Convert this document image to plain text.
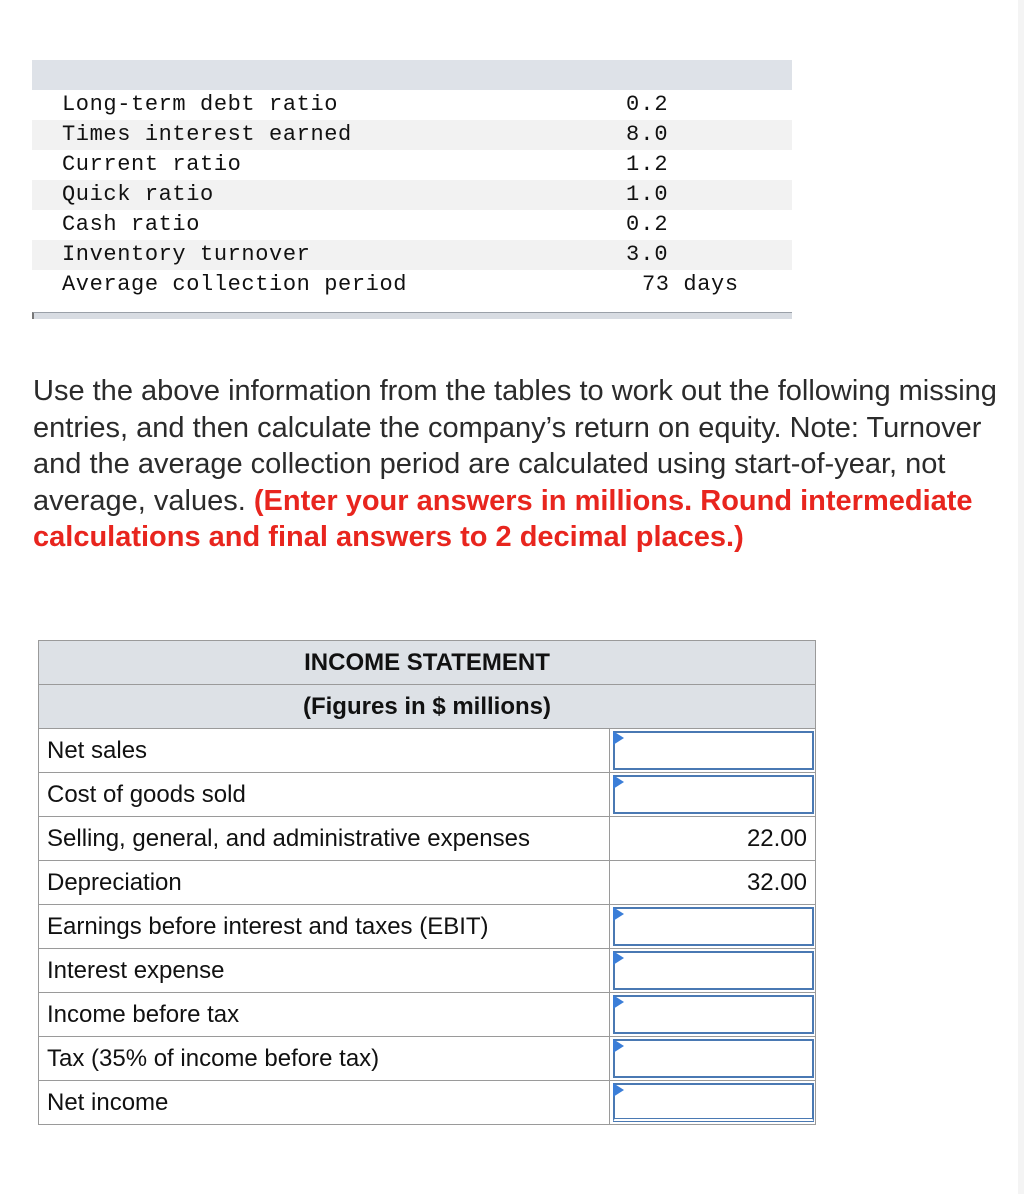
Long-term debt ratio	0.2
Times interest earned	8.0
Current ratio	1.2
Quick ratio	1.0
Cash ratio	0.2
Inventory turnover	3.0
Average collection period	73 days
Use the above information from the tables to work out the following missing entries, and then calculate the company’s return on equity. Note: Turnover and the average collection period are calculated using start-of-year, not average, values. (Enter your answers in millions. Round intermediate calculations and final answers to 2 decimal places.)
INCOME STATEMENT	
(Figures in $ millions)	
Net sales	

Cost of goods sold	

Selling, general, and administrative expenses	22.00
Depreciation	32.00
Earnings before interest and taxes (EBIT)	

Interest expense	

Income before tax	

Tax (35% of income before tax)	

Net income	
